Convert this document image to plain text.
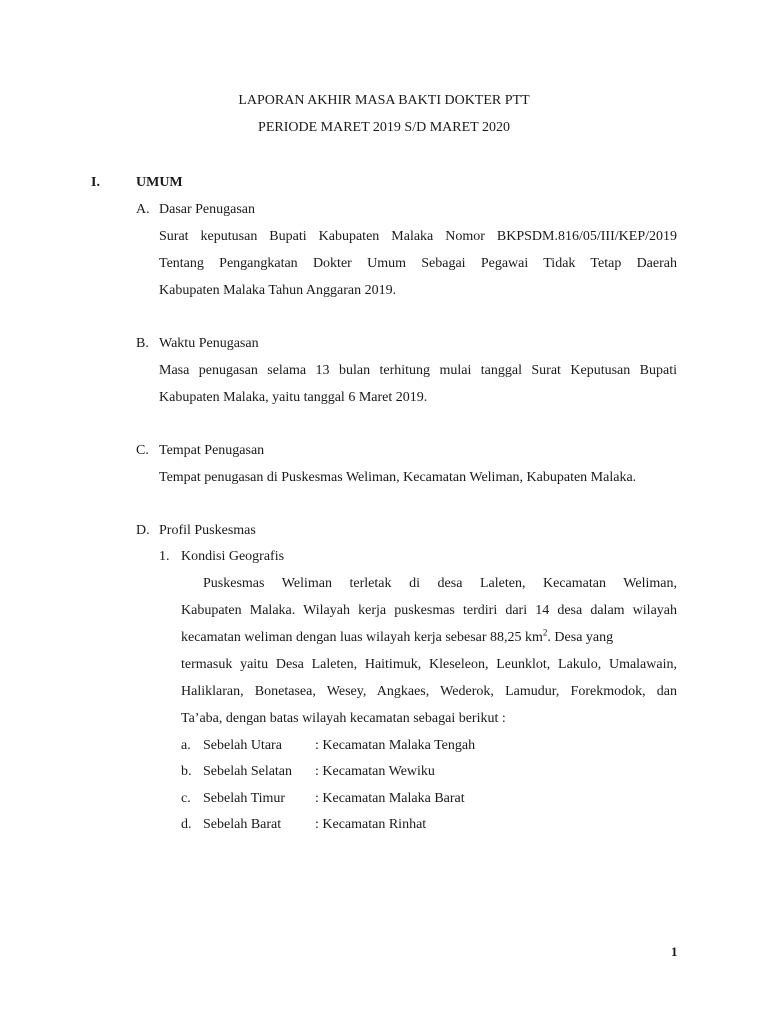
LAPORAN AKHIR MASA BAKTI DOKTER PTT
PERIODE MARET 2019 S/D MARET 2020
I.	UMUM
A. Dasar Penugasan
Surat keputusan Bupati Kabupaten Malaka Nomor BKPSDM.816/05/III/KEP/2019
Tentang Pengangkatan Dokter Umum Sebagai Pegawai Tidak Tetap Daerah
Kabupaten Malaka Tahun Anggaran 2019.
B. Waktu Penugasan
Masa penugasan selama 13 bulan terhitung mulai tanggal Surat Keputusan Bupati
Kabupaten Malaka, yaitu tanggal 6 Maret 2019.
C. Tempat Penugasan
Tempat penugasan di Puskesmas Weliman, Kecamatan Weliman, Kabupaten Malaka.
D. Profil Puskesmas
1. Kondisi Geografis
Puskesmas Weliman terletak di desa Laleten, Kecamatan Weliman,
Kabupaten Malaka. Wilayah kerja puskesmas terdiri dari 14 desa dalam wilayah
kecamatan weliman dengan luas wilayah kerja sebesar 88,25 $km^2$. Desa yang
termasuk yaitu Desa Laleten, Haitimuk, Kleseleon, Leunklot, Lakulo, Umalawain,
Haliklaran, Bonetasea, Wesey, Angkaes, Wederok, Lamudur, Forekmodok, dan
Ta’aba, dengan batas wilayah kecamatan sebagai berikut :
a. Sebelah Utara : Kecamatan Malaka Tengah
b. Sebelah Selatan : Kecamatan Wewiku
c. Sebelah Timur : Kecamatan Malaka Barat
d. Sebelah Barat : Kecamatan Rinhat
1
